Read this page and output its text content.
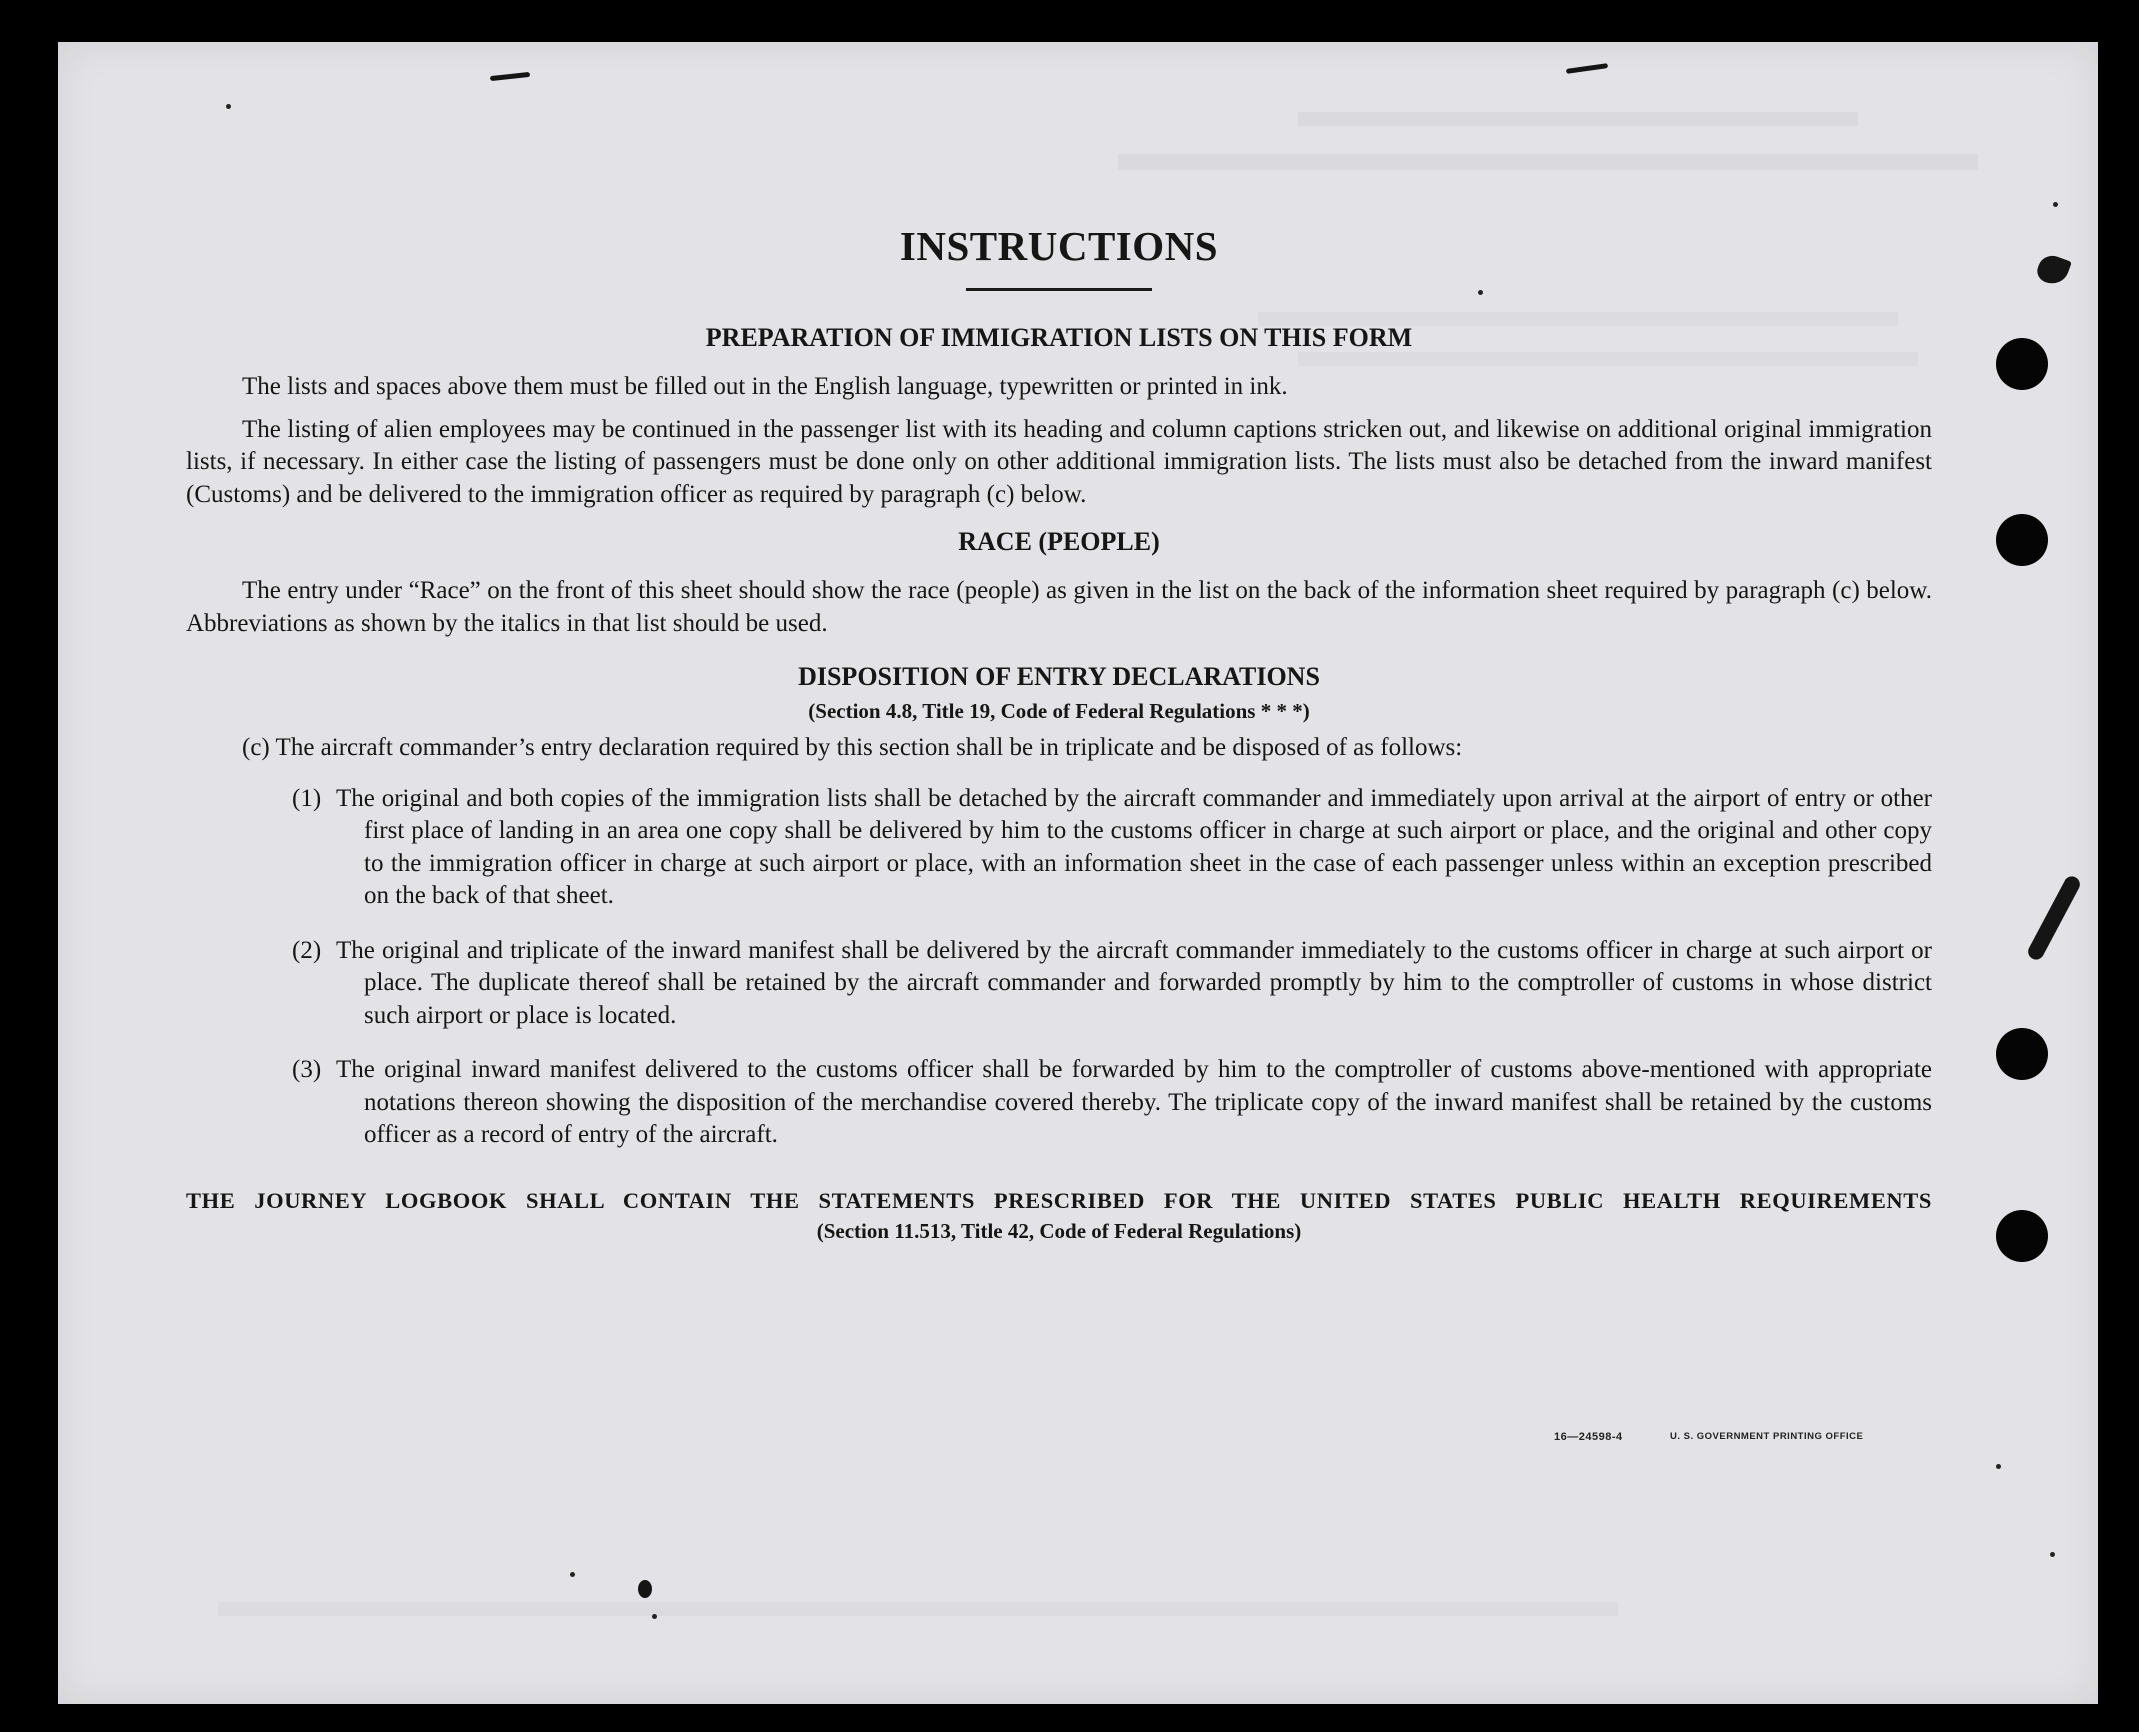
16—24598‑4	U. S. GOVERNMENT PRINTING OFFICE
INSTRUCTIONS
PREPARATION OF IMMIGRATION LISTS ON THIS FORM

The lists and spaces above them must be filled out in the English language, typewritten or printed in ink.

The listing of alien employees may be continued in the passenger list with its heading and column captions stricken out, and likewise on additional original immigration lists, if necessary. In either case the listing of passengers must be done only on other additional immigration lists. The lists must also be detached from the inward manifest (Customs) and be delivered to the immigration officer as required by paragraph (c) below.

RACE (PEOPLE)

The entry under “Race” on the front of this sheet should show the race (people) as given in the list on the back of the information sheet required by paragraph (c) below. Abbreviations as shown by the italics in that list should be used.

DISPOSITION OF ENTRY DECLARATIONS
(Section 4.8, Title 19, Code of Federal Regulations * * *)

(c) The aircraft commander’s entry declaration required by this section shall be in triplicate and be disposed of as follows:

(1) The original and both copies of the immigration lists shall be detached by the aircraft commander and immediately upon arrival at the airport of entry or other first place of landing in an area one copy shall be delivered by him to the customs officer in charge at such airport or place, and the original and other copy to the immigration officer in charge at such airport or place, with an information sheet in the case of each passenger unless within an exception prescribed on the back of that sheet.
(2) The original and triplicate of the inward manifest shall be delivered by the aircraft commander immediately to the customs officer in charge at such airport or place. The duplicate thereof shall be retained by the aircraft commander and forwarded promptly by him to the comptroller of customs in whose district such airport or place is located.
(3) The original inward manifest delivered to the customs officer shall be forwarded by him to the comptroller of customs above-mentioned with appropriate notations thereon showing the disposition of the merchandise covered thereby. The triplicate copy of the inward manifest shall be retained by the customs officer as a record of entry of the aircraft.
THE JOURNEY LOGBOOK SHALL CONTAIN THE STATEMENTS PRESCRIBED FOR THE UNITED STATES PUBLIC HEALTH REQUIREMENTS
(Section 11.513, Title 42, Code of Federal Regulations)
